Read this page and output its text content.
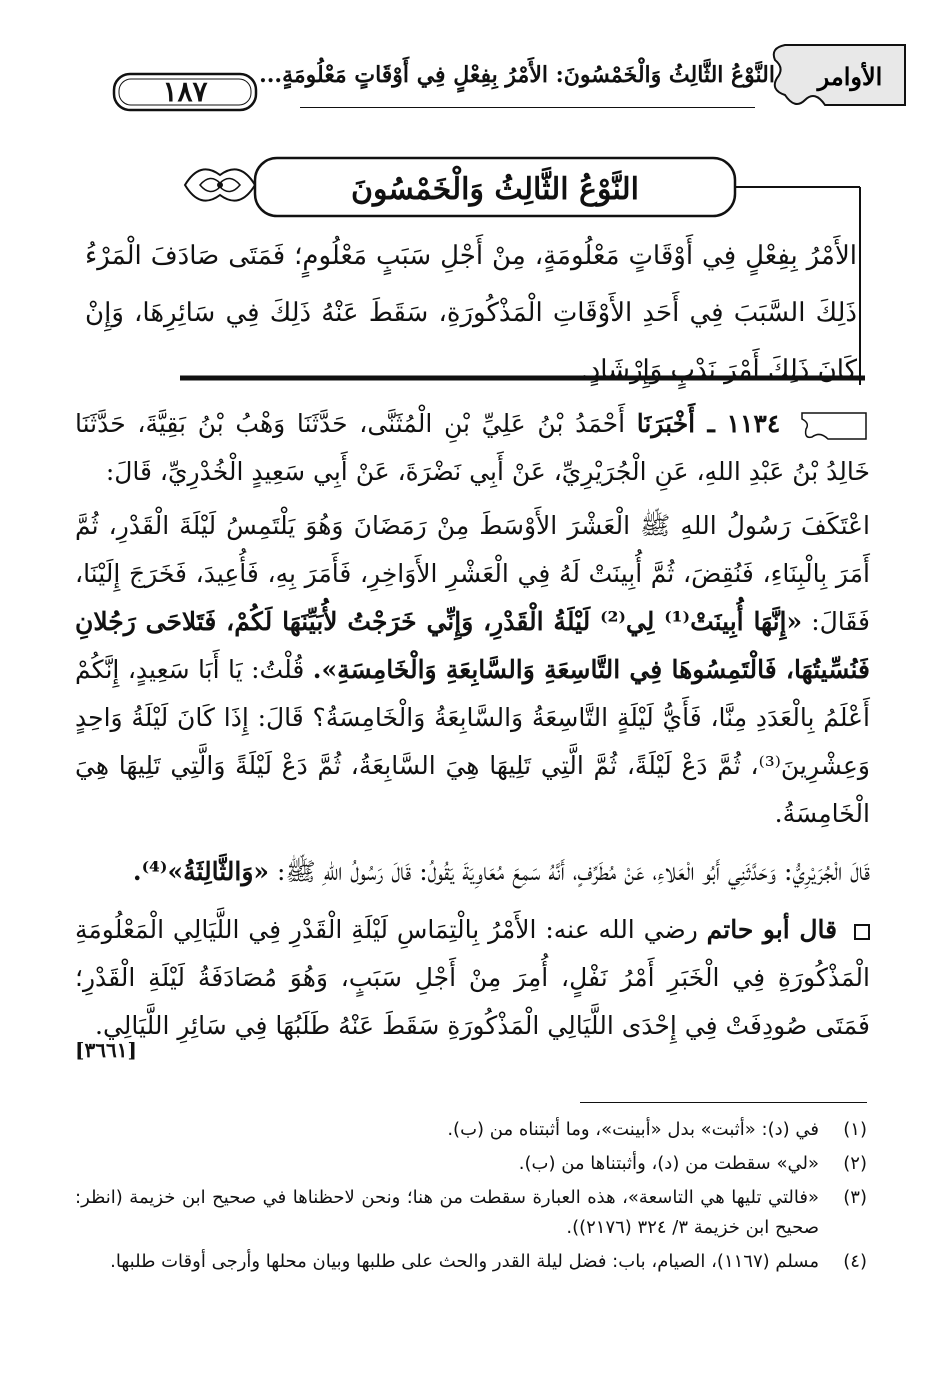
الأوامر
النَّوْعُ الثَّالِثُ وَالْخَمْسُونَ: الأَمْرُ بِفِعْلٍ فِي أَوْقَاتٍ مَعْلُومَةٍ...
١٨٧
النَّوْعُ الثَّالِثُ وَالْخَمْسُونَ
الأَمْرُ بِفِعْلٍ فِي أَوْقَاتٍ مَعْلُومَةٍ، مِنْ أَجْلِ سَبَبٍ مَعْلُومٍ؛ فَمَتَى صَادَفَ الْمَرْءُ ذَلِكَ السَّبَبَ فِي أَحَدِ الأَوْقَاتِ الْمَذْكُورَةِ، سَقَطَ عَنْهُ ذَلِكَ فِي سَائِرِهَا، وَإِنْ كَانَ ذَلِكَ أَمْرَ نَدْبٍ وَإِرْشَادٍ.

١١٣٤ ـ أَخْبَرَنَا أَحْمَدُ بْنُ عَلِيِّ بْنِ الْمُثَنَّى، حَدَّثَنَا وَهْبُ بْنُ بَقِيَّةَ، حَدَّثَنَا خَالِدُ بْنُ عَبْدِ اللهِ، عَنِ الْجُرَيْرِيِّ، عَنْ أَبِي نَضْرَةَ، عَنْ أَبِي سَعِيدٍ الْخُدْرِيِّ، قَالَ:

اعْتَكَفَ رَسُولُ اللهِ ﷺ الْعَشْرَ الأَوْسَطَ مِنْ رَمَضَانَ وَهُوَ يَلْتَمِسُ لَيْلَةَ الْقَدْرِ، ثُمَّ أَمَرَ بِالْبِنَاءِ، فَنُقِضَ، ثُمَّ أُبِينَتْ لَهُ فِي الْعَشْرِ الأَوَاخِرِ، فَأَمَرَ بِهِ، فَأُعِيدَ، فَخَرَجَ إِلَيْنَا، فَقَالَ: «إِنَّهَا أُبِينَتْ⁽¹⁾ لِي⁽²⁾ لَيْلَةُ الْقَدْرِ، وَإِنِّي خَرَجْتُ لأُبَيِّنَهَا لَكُمْ، فَتَلاحَى رَجُلانِ فَنُسِّيتُهَا، فَالْتَمِسُوهَا فِي التَّاسِعَةِ وَالسَّابِعَةِ وَالْخَامِسَةِ». قُلْتُ: يَا أَبَا سَعِيدٍ، إِنَّكُمْ أَعْلَمُ بِالْعَدَدِ مِنَّا، فَأَيُّ لَيْلَةٍ التَّاسِعَةُ وَالسَّابِعَةُ وَالْخَامِسَةُ؟ قَالَ: إِذَا كَانَ لَيْلَةُ وَاحِدٍ وَعِشْرِينَ⁽³⁾، ثُمَّ دَعْ لَيْلَةً، ثُمَّ الَّتِي تَلِيهَا هِيَ السَّابِعَةُ، ثُمَّ دَعْ لَيْلَةً وَالَّتِي تَلِيهَا هِيَ الْخَامِسَةُ.

قَالَ الْجُرَيْرِيُّ: وَحَدَّثَنِي أَبُو الْعَلاءِ، عَنْ مُطَرِّفٍ، أَنَّهُ سَمِعَ مُعَاوِيَةَ يَقُولُ: قَالَ رَسُولُ اللهِ ﷺ: «وَالثَّالِثَةُ»⁽⁴⁾.

قال أبو حاتم رضي الله عنه: الأَمْرُ بِالْتِمَاسِ لَيْلَةِ الْقَدْرِ فِي اللَّيَالِي الْمَعْلُومَةِ الْمَذْكُورَةِ فِي الْخَبَرِ أَمْرُ نَفْلٍ، أُمِرَ مِنْ أَجْلِ سَبَبٍ، وَهُوَ مُصَادَفَةُ لَيْلَةِ الْقَدْرِ؛ فَمَتَى صُودِفَتْ فِي إِحْدَى اللَّيَالِي الْمَذْكُورَةِ سَقَطَ عَنْهُ طَلَبُهَا فِي سَائِرِ اللَّيَالِي.

[٣٦٦١]
(١)
في (د): «أثبت» بدل «أبينت»، وما أثبتناه من (ب).
(٢)
«لي» سقطت من (د)، وأثبتناها من (ب).
(٣)
«فالتي تليها هي التاسعة»، هذه العبارة سقطت من هنا؛ ونحن لاحظناها في صحيح ابن خزيمة (انظر: صحيح ابن خزيمة ٣/ ٣٢٤ (٢١٧٦)).
(٤)
مسلم (١١٦٧)، الصيام، باب: فضل ليلة القدر والحث على طلبها وبيان محلها وأرجى أوقات طلبها.
